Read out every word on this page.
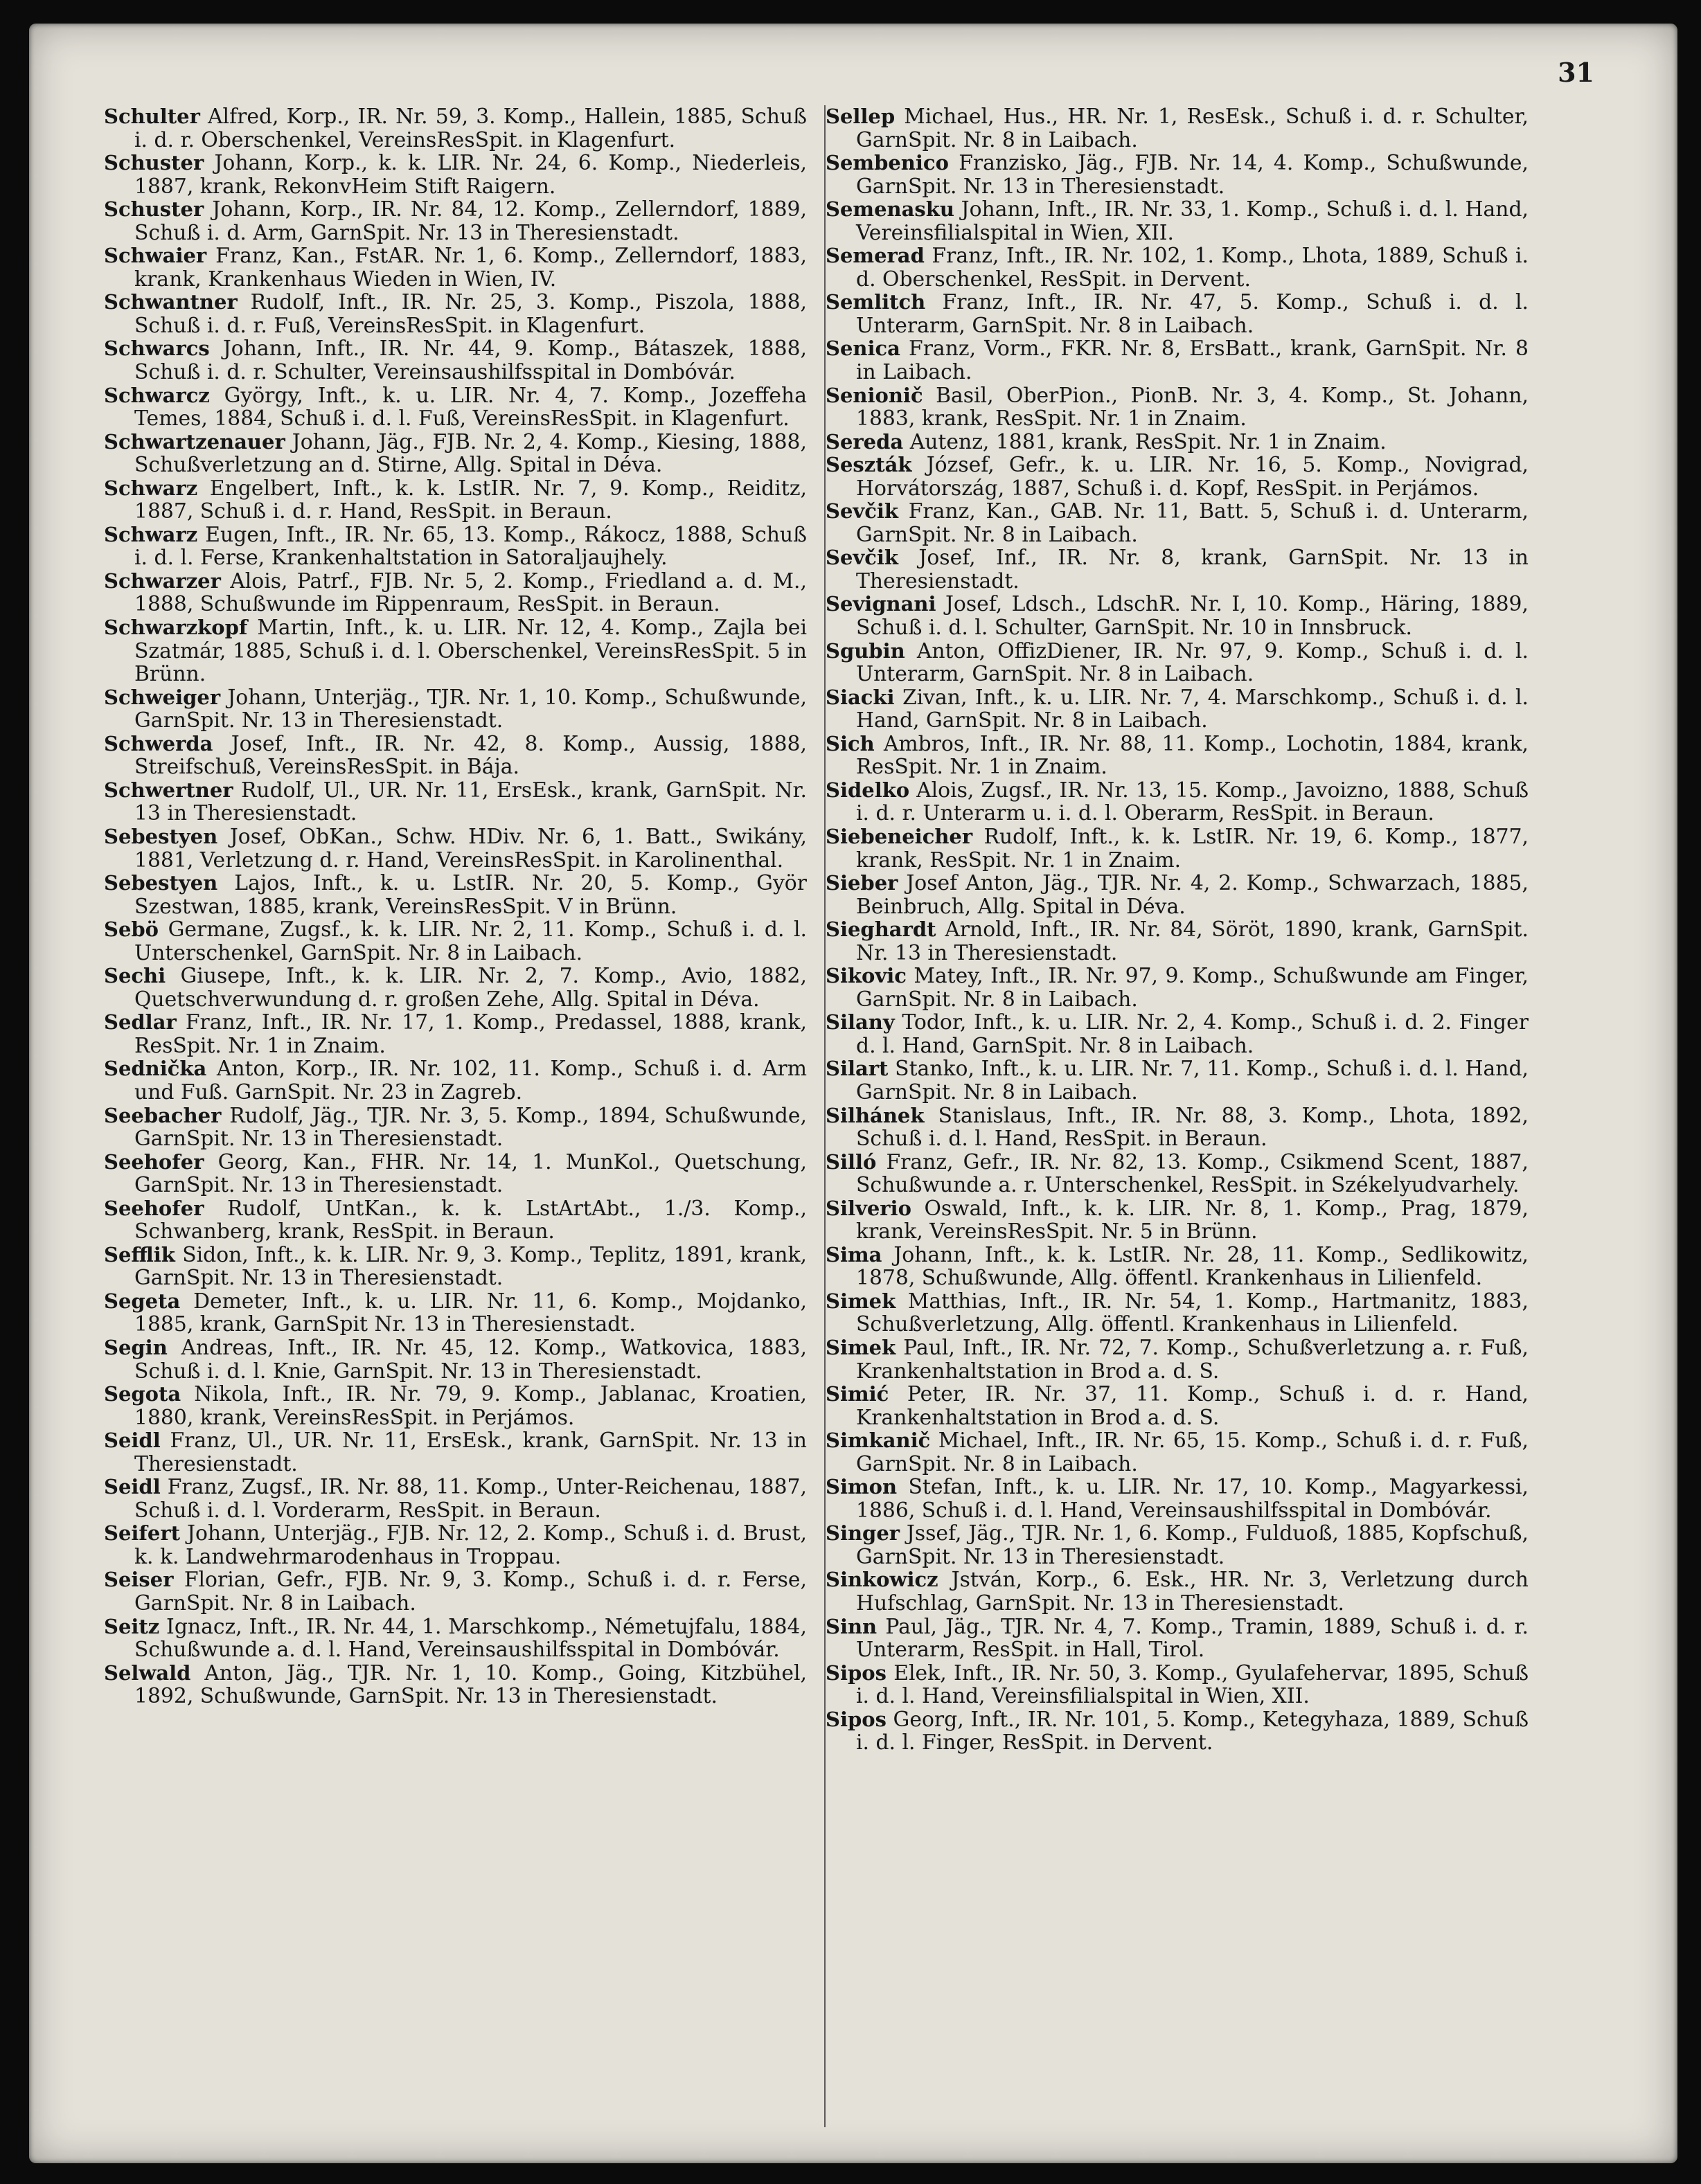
31

Schulter Alfred, Korp., IR. Nr. 59, 3. Komp., Hallein, 1885, Schuß i. d. r. Oberschenkel, VereinsResSpit. in Klagenfurt.

Schuster Johann, Korp., k. k. LIR. Nr. 24, 6. Komp., Niederleis, 1887, krank, RekonvHeim Stift Raigern.

Schuster Johann, Korp., IR. Nr. 84, 12. Komp., Zellerndorf, 1889, Schuß i. d. Arm, GarnSpit. Nr. 13 in Theresienstadt.

Schwaier Franz, Kan., FstAR. Nr. 1, 6. Komp., Zellerndorf, 1883, krank, Krankenhaus Wieden in Wien, IV.

Schwantner Rudolf, Inft., IR. Nr. 25, 3. Komp., Piszola, 1888, Schuß i. d. r. Fuß, VereinsResSpit. in Klagenfurt.

Schwarcs Johann, Inft., IR. Nr. 44, 9. Komp., Bátaszek, 1888, Schuß i. d. r. Schulter, Vereinsaushilfsspital in Dombóvár.

Schwarcz György, Inft., k. u. LIR. Nr. 4, 7. Komp., Jozeffeha Temes, 1884, Schuß i. d. l. Fuß, VereinsResSpit. in Klagenfurt.

Schwartzenauer Johann, Jäg., FJB. Nr. 2, 4. Komp., Kiesing, 1888, Schußverletzung an d. Stirne, Allg. Spital in Déva.

Schwarz Engelbert, Inft., k. k. LstIR. Nr. 7, 9. Komp., Reiditz, 1887, Schuß i. d. r. Hand, ResSpit. in Beraun.

Schwarz Eugen, Inft., IR. Nr. 65, 13. Komp., Rákocz, 1888, Schuß i. d. l. Ferse, Krankenhaltstation in Satoraljaujhely.

Schwarzer Alois, Patrf., FJB. Nr. 5, 2. Komp., Friedland a. d. M., 1888, Schußwunde im Rippenraum, ResSpit. in Beraun.

Schwarzkopf Martin, Inft., k. u. LIR. Nr. 12, 4. Komp., Zajla bei Szatmár, 1885, Schuß i. d. l. Oberschenkel, VereinsResSpit. 5 in Brünn.

Schweiger Johann, Unterjäg., TJR. Nr. 1, 10. Komp., Schußwunde, GarnSpit. Nr. 13 in Theresienstadt.

Schwerda Josef, Inft., IR. Nr. 42, 8. Komp., Aussig, 1888, Streifschuß, VereinsResSpit. in Bája.

Schwertner Rudolf, Ul., UR. Nr. 11, ErsEsk., krank, GarnSpit. Nr. 13 in Theresienstadt.

Sebestyen Josef, ObKan., Schw. HDiv. Nr. 6, 1. Batt., Swikány, 1881, Verletzung d. r. Hand, VereinsResSpit. in Karolinenthal.

Sebestyen Lajos, Inft., k. u. LstIR. Nr. 20, 5. Komp., Györ Szestwan, 1885, krank, VereinsResSpit. V in Brünn.

Sebö Germane, Zugsf., k. k. LIR. Nr. 2, 11. Komp., Schuß i. d. l. Unterschenkel, GarnSpit. Nr. 8 in Laibach.

Sechi Giusepe, Inft., k. k. LIR. Nr. 2, 7. Komp., Avio, 1882, Quetschverwundung d. r. großen Zehe, Allg. Spital in Déva.

Sedlar Franz, Inft., IR. Nr. 17, 1. Komp., Predassel, 1888, krank, ResSpit. Nr. 1 in Znaim.

Sednička Anton, Korp., IR. Nr. 102, 11. Komp., Schuß i. d. Arm und Fuß. GarnSpit. Nr. 23 in Zagreb.

Seebacher Rudolf, Jäg., TJR. Nr. 3, 5. Komp., 1894, Schußwunde, GarnSpit. Nr. 13 in Theresienstadt.

Seehofer Georg, Kan., FHR. Nr. 14, 1. MunKol., Quetschung, GarnSpit. Nr. 13 in Theresienstadt.

Seehofer Rudolf, UntKan., k. k. LstArtAbt., 1./3. Komp., Schwanberg, krank, ResSpit. in Beraun.

Sefflik Sidon, Inft., k. k. LIR. Nr. 9, 3. Komp., Teplitz, 1891, krank, GarnSpit. Nr. 13 in Theresienstadt.

Segeta Demeter, Inft., k. u. LIR. Nr. 11, 6. Komp., Mojdanko, 1885, krank, GarnSpit Nr. 13 in Theresienstadt.

Segin Andreas, Inft., IR. Nr. 45, 12. Komp., Watkovica, 1883, Schuß i. d. l. Knie, GarnSpit. Nr. 13 in Theresienstadt.

Segota Nikola, Inft., IR. Nr. 79, 9. Komp., Jablanac, Kroatien, 1880, krank, VereinsResSpit. in Perjámos.

Seidl Franz, Ul., UR. Nr. 11, ErsEsk., krank, GarnSpit. Nr. 13 in Theresienstadt.

Seidl Franz, Zugsf., IR. Nr. 88, 11. Komp., Unter-Reichenau, 1887, Schuß i. d. l. Vorderarm, ResSpit. in Beraun.

Seifert Johann, Unterjäg., FJB. Nr. 12, 2. Komp., Schuß i. d. Brust, k. k. Landwehrmarodenhaus in Troppau.

Seiser Florian, Gefr., FJB. Nr. 9, 3. Komp., Schuß i. d. r. Ferse, GarnSpit. Nr. 8 in Laibach.

Seitz Ignacz, Inft., IR. Nr. 44, 1. Marschkomp., Németujfalu, 1884, Schußwunde a. d. l. Hand, Vereinsaushilfsspital in Dombóvár.

Selwald Anton, Jäg., TJR. Nr. 1, 10. Komp., Going, Kitzbühel, 1892, Schußwunde, GarnSpit. Nr. 13 in Theresienstadt.

Sellep Michael, Hus., HR. Nr. 1, ResEsk., Schuß i. d. r. Schulter, GarnSpit. Nr. 8 in Laibach.

Sembenico Franzisko, Jäg., FJB. Nr. 14, 4. Komp., Schußwunde, GarnSpit. Nr. 13 in Theresienstadt.

Semenasku Johann, Inft., IR. Nr. 33, 1. Komp., Schuß i. d. l. Hand, Vereinsfilialspital in Wien, XII.

Semerad Franz, Inft., IR. Nr. 102, 1. Komp., Lhota, 1889, Schuß i. d. Oberschenkel, ResSpit. in Dervent.

Semlitch Franz, Inft., IR. Nr. 47, 5. Komp., Schuß i. d. l. Unterarm, GarnSpit. Nr. 8 in Laibach.

Senica Franz, Vorm., FKR. Nr. 8, ErsBatt., krank, GarnSpit. Nr. 8 in Laibach.

Senionič Basil, OberPion., PionB. Nr. 3, 4. Komp., St. Johann, 1883, krank, ResSpit. Nr. 1 in Znaim.

Sereda Autenz, 1881, krank, ResSpit. Nr. 1 in Znaim.

Seszták József, Gefr., k. u. LIR. Nr. 16, 5. Komp., Novigrad, Horvátország, 1887, Schuß i. d. Kopf, ResSpit. in Perjámos.

Sevčik Franz, Kan., GAB. Nr. 11, Batt. 5, Schuß i. d. Unterarm, GarnSpit. Nr. 8 in Laibach.

Sevčik Josef, Inf., IR. Nr. 8, krank, GarnSpit. Nr. 13 in Theresienstadt.

Sevignani Josef, Ldsch., LdschR. Nr. I, 10. Komp., Häring, 1889, Schuß i. d. l. Schulter, GarnSpit. Nr. 10 in Innsbruck.

Sgubin Anton, OffizDiener, IR. Nr. 97, 9. Komp., Schuß i. d. l. Unterarm, GarnSpit. Nr. 8 in Laibach.

Siacki Zivan, Inft., k. u. LIR. Nr. 7, 4. Marschkomp., Schuß i. d. l. Hand, GarnSpit. Nr. 8 in Laibach.

Sich Ambros, Inft., IR. Nr. 88, 11. Komp., Lochotin, 1884, krank, ResSpit. Nr. 1 in Znaim.

Sidelko Alois, Zugsf., IR. Nr. 13, 15. Komp., Javoizno, 1888, Schuß i. d. r. Unterarm u. i. d. l. Oberarm, ResSpit. in Beraun.

Siebeneicher Rudolf, Inft., k. k. LstIR. Nr. 19, 6. Komp., 1877, krank, ResSpit. Nr. 1 in Znaim.

Sieber Josef Anton, Jäg., TJR. Nr. 4, 2. Komp., Schwarzach, 1885, Beinbruch, Allg. Spital in Déva.

Sieghardt Arnold, Inft., IR. Nr. 84, Söröt, 1890, krank, GarnSpit. Nr. 13 in Theresienstadt.

Sikovic Matey, Inft., IR. Nr. 97, 9. Komp., Schußwunde am Finger, GarnSpit. Nr. 8 in Laibach.

Silany Todor, Inft., k. u. LIR. Nr. 2, 4. Komp., Schuß i. d. 2. Finger d. l. Hand, GarnSpit. Nr. 8 in Laibach.

Silart Stanko, Inft., k. u. LIR. Nr. 7, 11. Komp., Schuß i. d. l. Hand, GarnSpit. Nr. 8 in Laibach.

Silhánek Stanislaus, Inft., IR. Nr. 88, 3. Komp., Lhota, 1892, Schuß i. d. l. Hand, ResSpit. in Beraun.

Silló Franz, Gefr., IR. Nr. 82, 13. Komp., Csikmend Scent, 1887, Schußwunde a. r. Unterschenkel, ResSpit. in Székelyudvarhely.

Silverio Oswald, Inft., k. k. LIR. Nr. 8, 1. Komp., Prag, 1879, krank, VereinsResSpit. Nr. 5 in Brünn.

Sima Johann, Inft., k. k. LstIR. Nr. 28, 11. Komp., Sedlikowitz, 1878, Schußwunde, Allg. öffentl. Krankenhaus in Lilienfeld.

Simek Matthias, Inft., IR. Nr. 54, 1. Komp., Hartmanitz, 1883, Schußverletzung, Allg. öffentl. Krankenhaus in Lilienfeld.

Simek Paul, Inft., IR. Nr. 72, 7. Komp., Schußverletzung a. r. Fuß, Krankenhaltstation in Brod a. d. S.

Simić Peter, IR. Nr. 37, 11. Komp., Schuß i. d. r. Hand, Krankenhaltstation in Brod a. d. S.

Simkanič Michael, Inft., IR. Nr. 65, 15. Komp., Schuß i. d. r. Fuß, GarnSpit. Nr. 8 in Laibach.

Simon Stefan, Inft., k. u. LIR. Nr. 17, 10. Komp., Magyarkessi, 1886, Schuß i. d. l. Hand, Vereinsaushilfsspital in Dombóvár.

Singer Jssef, Jäg., TJR. Nr. 1, 6. Komp., Fulduoß, 1885, Kopfschuß, GarnSpit. Nr. 13 in Theresienstadt.

Sinkowicz Jstván, Korp., 6. Esk., HR. Nr. 3, Verletzung durch Hufschlag, GarnSpit. Nr. 13 in Theresienstadt.

Sinn Paul, Jäg., TJR. Nr. 4, 7. Komp., Tramin, 1889, Schuß i. d. r. Unterarm, ResSpit. in Hall, Tirol.

Sipos Elek, Inft., IR. Nr. 50, 3. Komp., Gyulafehervar, 1895, Schuß i. d. l. Hand, Vereinsfilialspital in Wien, XII.

Sipos Georg, Inft., IR. Nr. 101, 5. Komp., Ketegyhaza, 1889, Schuß i. d. l. Finger, ResSpit. in Dervent.
